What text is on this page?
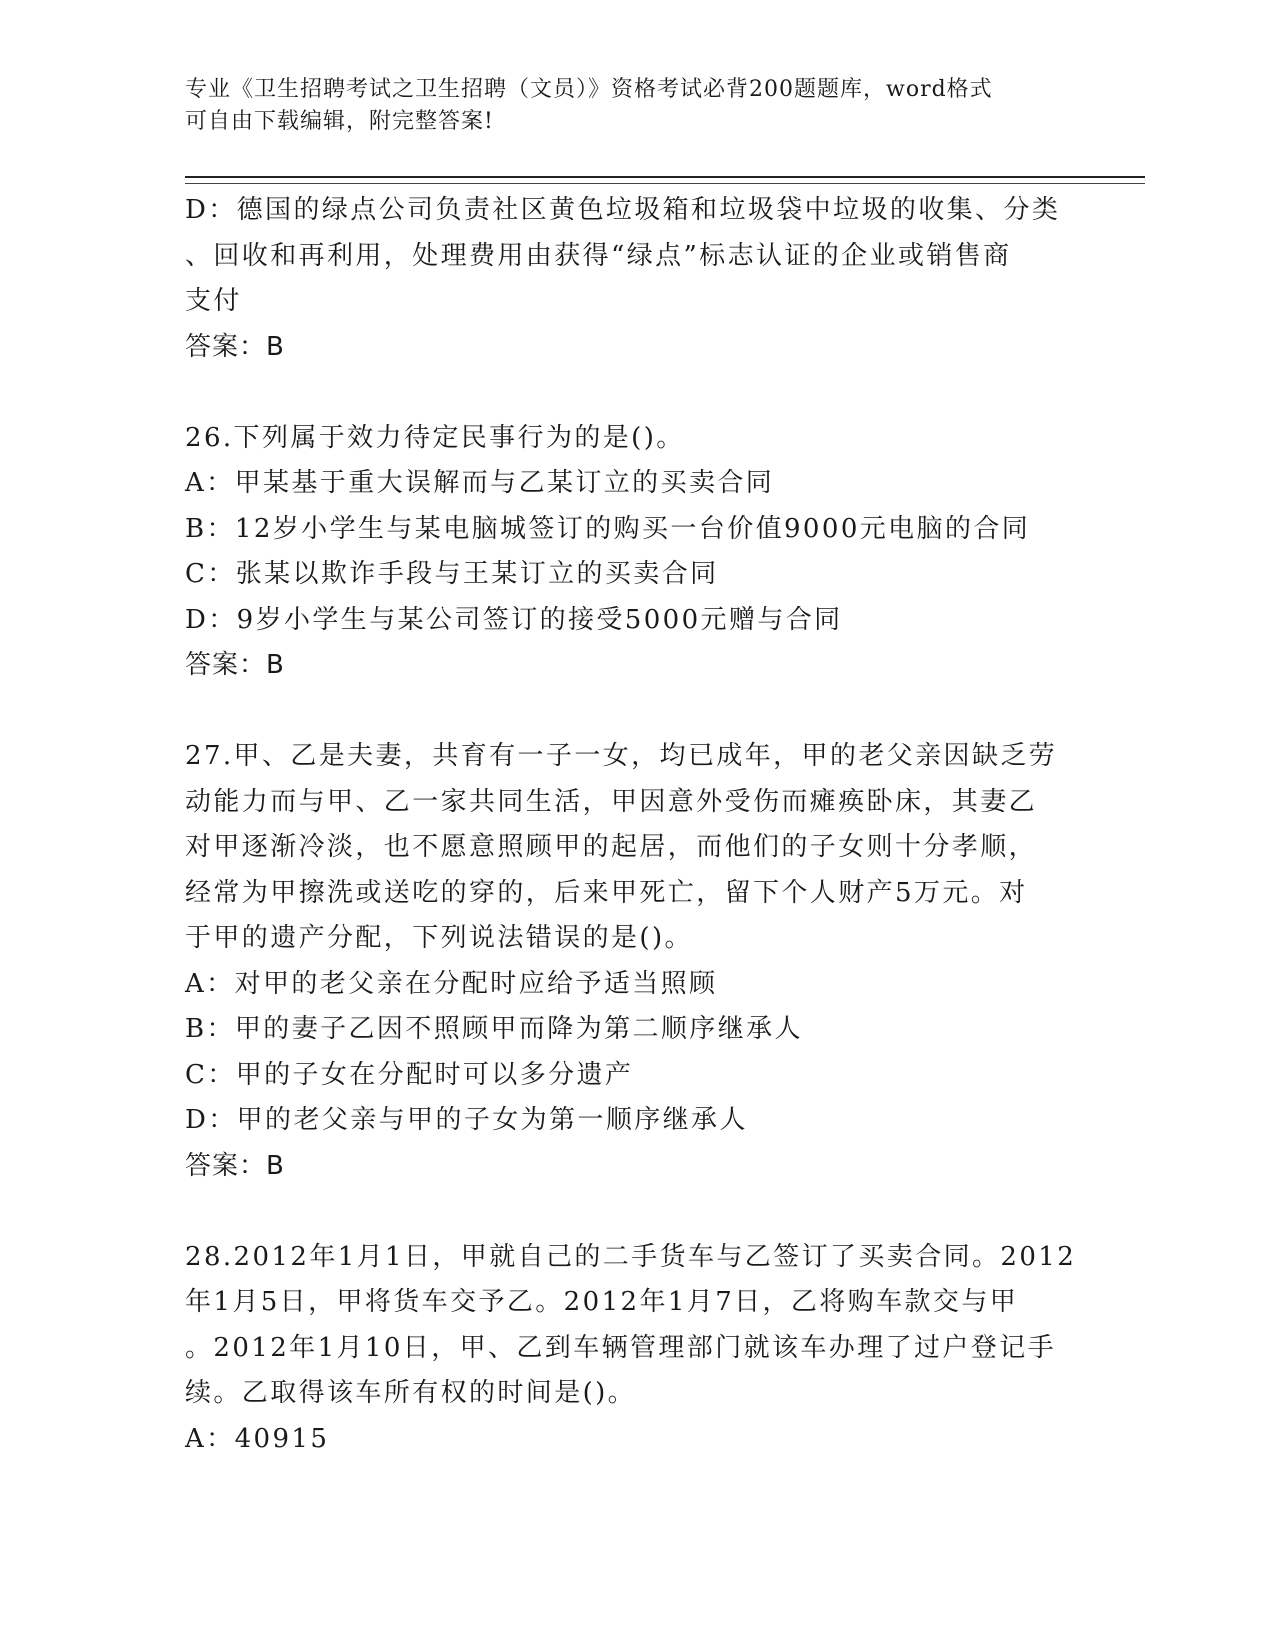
专业《卫生招聘考试之卫生招聘（文员）》资格考试必背200题题库，word格式
可自由下载编辑，附完整答案!
D：德国的绿点公司负责社区黄色垃圾箱和垃圾袋中垃圾的收集、分类
、回收和再利用，处理费用由获得“绿点”标志认证的企业或销售商
支付
答案：B
26.下列属于效力待定民事行为的是()。
A：甲某基于重大误解而与乙某订立的买卖合同
B：12岁小学生与某电脑城签订的购买一台价值9000元电脑的合同
C：张某以欺诈手段与王某订立的买卖合同
D：9岁小学生与某公司签订的接受5000元赠与合同
答案：B
27.甲、乙是夫妻，共育有一子一女，均已成年，甲的老父亲因缺乏劳
动能力而与甲、乙一家共同生活，甲因意外受伤而瘫痪卧床，其妻乙
对甲逐渐冷淡，也不愿意照顾甲的起居，而他们的子女则十分孝顺，
经常为甲擦洗或送吃的穿的，后来甲死亡，留下个人财产5万元。对
于甲的遗产分配，下列说法错误的是()。
A：对甲的老父亲在分配时应给予适当照顾
B：甲的妻子乙因不照顾甲而降为第二顺序继承人
C：甲的子女在分配时可以多分遗产
D：甲的老父亲与甲的子女为第一顺序继承人
答案：B
28.2012年1月1日，甲就自己的二手货车与乙签订了买卖合同。2012
年1月5日，甲将货车交予乙。2012年1月7日，乙将购车款交与甲
。2012年1月10日，甲、乙到车辆管理部门就该车办理了过户登记手
续。乙取得该车所有权的时间是()。
A：40915
